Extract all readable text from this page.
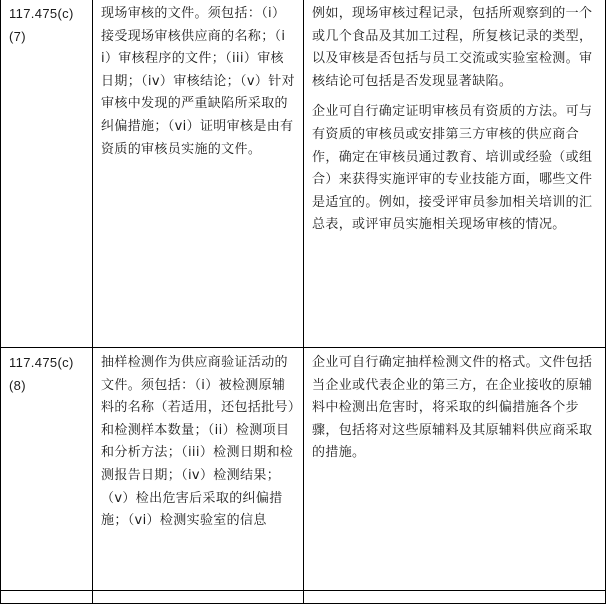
117.475(c)(7)	现场审核的文件。须包括：（i）接受现场审核供应商的名称；（ii）审核程序的文件；（iii）审核日期；（iv）审核结论；（v）针对审核中发现的严重缺陷所采取的纠偏措施；（vi）证明审核是由有资质的审核员实施的文件。	例如，现场审核过程记录，包括所观察到的一个或几个食品及其加工过程，所复核记录的类型，以及审核是否包括与员工交流或实验室检测。审核结论可包括是否发现显著缺陷。

企业可自行确定证明审核员有资质的方法。可与有资质的审核员或安排第三方审核的供应商合作，确定在审核员通过教育、培训或经验（或组合）来获得实施评审的专业技能方面，哪些文件是适宜的。例如，接受评审员参加相关培训的汇总表，或评审员实施相关现场审核的情况。

117.475(c)(8)	抽样检测作为供应商验证活动的文件。须包括：（i）被检测原辅料的名称（若适用，还包括批号）和检测样本数量；（ii）检测项目和分析方法；（iii）检测日期和检测报告日期；（iv）检测结果；（v）检出危害后采取的纠偏措施；（vi）检测实验室的信息	企业可自行确定抽样检测文件的格式。文件包括当企业或代表企业的第三方，在企业接收的原辅料中检测出危害时，将采取的纠偏措施各个步骤，包括将对这些原辅料及其原辅料供应商采取的措施。
